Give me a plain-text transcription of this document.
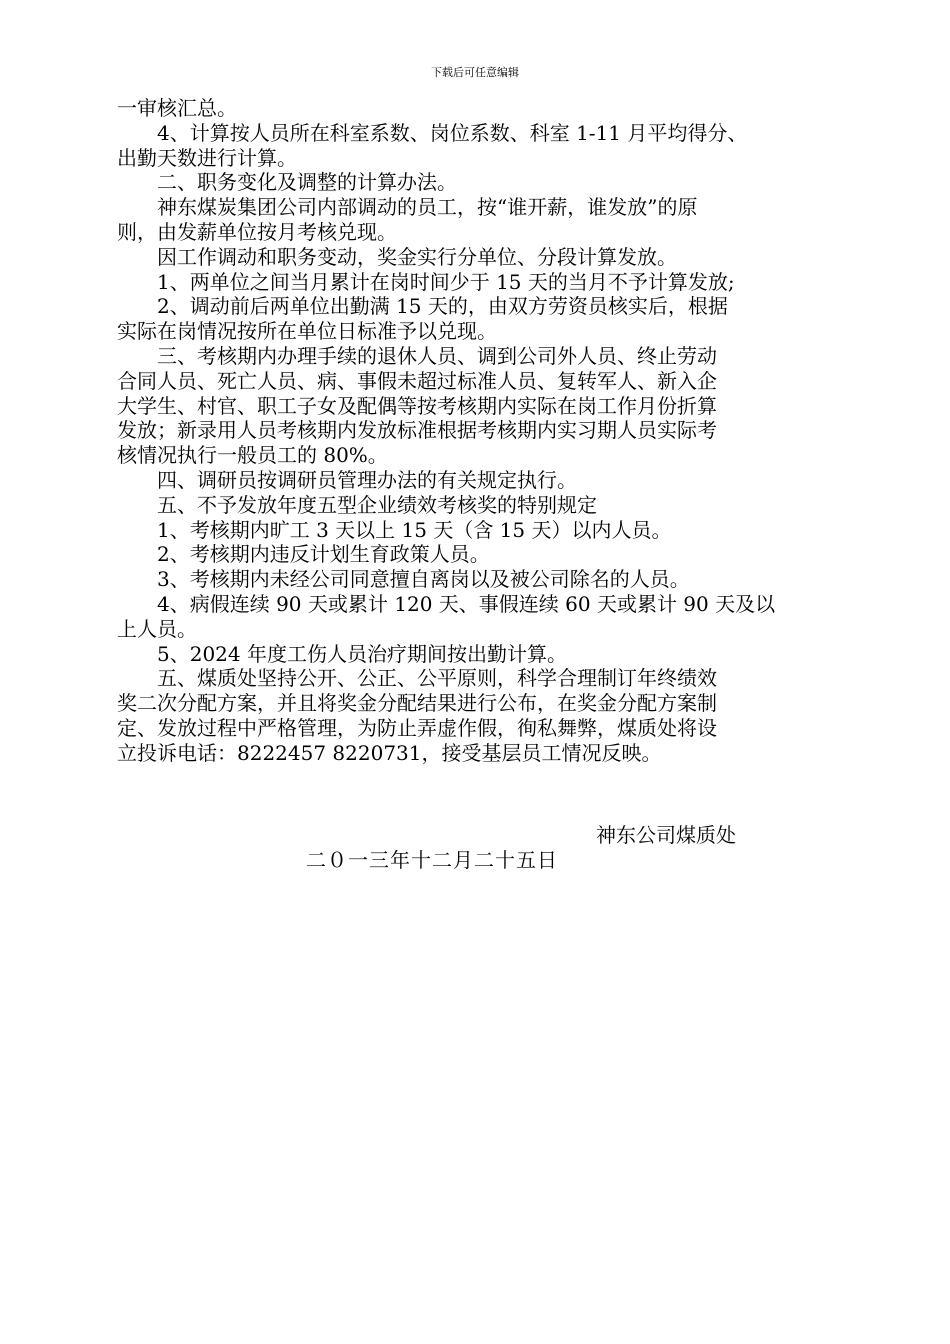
下载后可任意编辑
一审核汇总。
　　4、计算按人员所在科室系数、岗位系数、科室 1-11 月平均得分、
出勤天数进行计算。
　　二、职务变化及调整的计算办法。
　　神东煤炭集团公司内部调动的员工，按“谁开薪，谁发放”的原
则，由发薪单位按月考核兑现。
　　因工作调动和职务变动，奖金实行分单位、分段计算发放。
　　1、两单位之间当月累计在岗时间少于 15 天的当月不予计算发放;
　　2、调动前后两单位出勤满 15 天的，由双方劳资员核实后，根据
实际在岗情况按所在单位日标准予以兑现。
　　三、考核期内办理手续的退休人员、调到公司外人员、终止劳动
合同人员、死亡人员、病、事假未超过标准人员、复转军人、新入企
大学生、村官、职工子女及配偶等按考核期内实际在岗工作月份折算
发放；新录用人员考核期内发放标准根据考核期内实习期人员实际考
核情况执行一般员工的 80%。
　　四、调研员按调研员管理办法的有关规定执行。
　　五、不予发放年度五型企业绩效考核奖的特别规定
　　1、考核期内旷工 3 天以上 15 天（含 15 天）以内人员。
　　2、考核期内违反计划生育政策人员。
　　3、考核期内未经公司同意擅自离岗以及被公司除名的人员。
　　4、病假连续 90 天或累计 120 天、事假连续 60 天或累计 90 天及以
上人员。
　　5、2024 年度工伤人员治疗期间按出勤计算。
　　五、煤质处坚持公开、公正、公平原则，科学合理制订年终绩效
奖二次分配方案，并且将奖金分配结果进行公布，在奖金分配方案制
定、发放过程中严格管理，为防止弄虚作假，徇私舞弊，煤质处将设
立投诉电话：8222457 8220731，接受基层员工情况反映。
神东公司煤质处
二０一三年十二月二十五日
